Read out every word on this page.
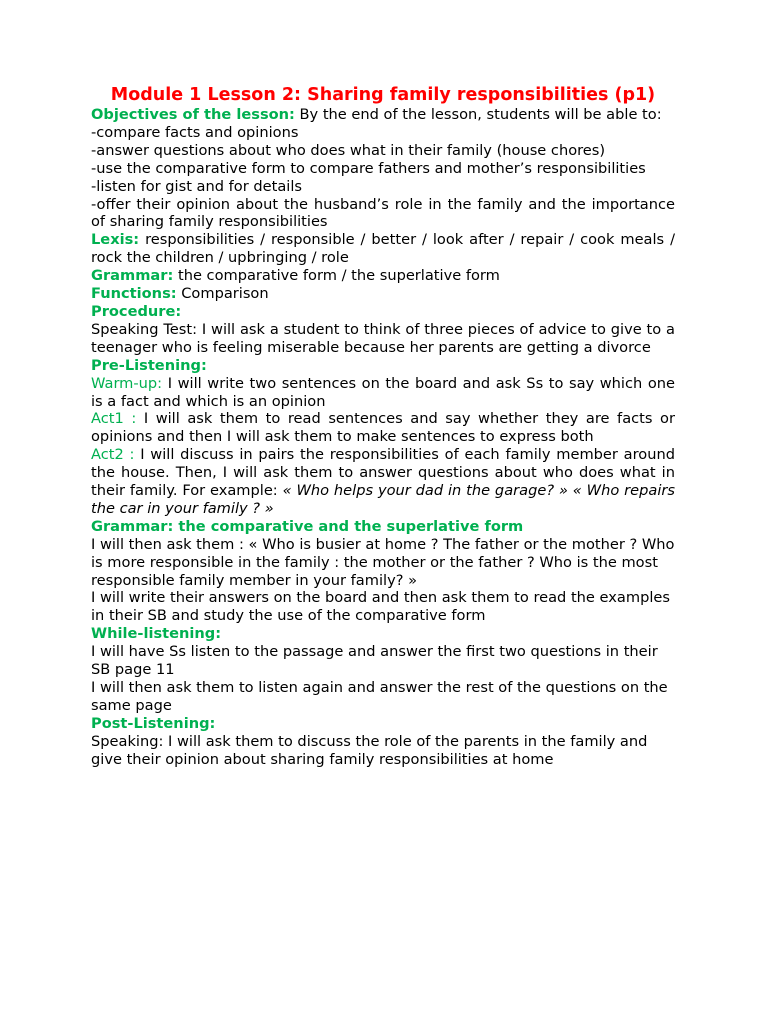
Module 1 Lesson 2: Sharing family responsibilities (p1)

Objectives of the lesson: By the end of the lesson, students will be able to:

-compare facts and opinions

-answer questions about who does what in their family (house chores)

-use the comparative form to compare fathers and mother’s responsibilities

-listen for gist and for details

-offer their opinion about the husband’s role in the family and the importance of sharing family responsibilities

Lexis: responsibilities / responsible / better / look after / repair / cook meals / rock the children / upbringing / role

Grammar: the comparative form / the superlative form

Functions: Comparison

Procedure:

Speaking Test: I will ask a student to think of three pieces of advice to give to a teenager who is feeling miserable because her parents are getting a divorce

Pre-Listening:

Warm-up: I will write two sentences on the board and ask Ss to say which one is a fact and which is an opinion

Act1 : I will ask them to read sentences and say whether they are facts or opinions and then I will ask them to make sentences to express both

Act2 : I will discuss in pairs the responsibilities of each family member around the house. Then, I will ask them to answer questions about who does what in their family. For example: « Who helps your dad in the garage? » « Who repairs the car in your family ? »

Grammar: the comparative and the superlative form

I will then ask them : « Who is busier at home ? The father or the mother ? Who is more responsible in the family : the mother or the father ? Who is the most responsible family member in your family? »

I will write their answers on the board and then ask them to read the examples in their SB and study the use of the comparative form

While-listening:

I will have Ss listen to the passage and answer the first two questions in their SB page 11

I will then ask them to listen again and answer the rest of the questions on the same page

Post-Listening:

Speaking: I will ask them to discuss the role of the parents in the family and give their opinion about sharing family responsibilities at home
